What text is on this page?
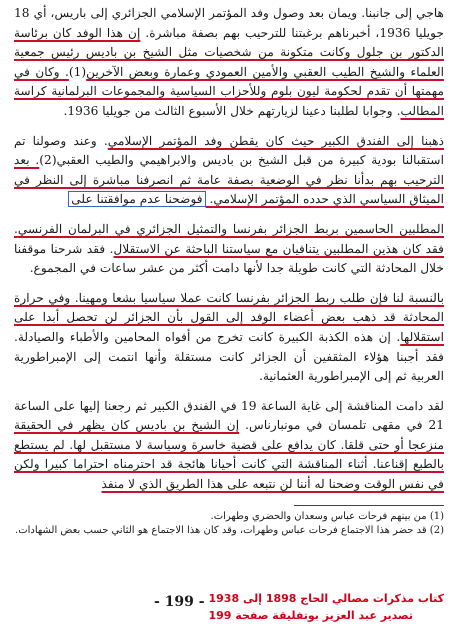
هاجي إلى جانبنا. ويمان بعد وصول وفد المؤتمر الإسلامي الجزائري إلى باريس، أي 18 جويليا 1936، أخبرناهم برغبتنا للترحيب بهم بصفة مباشرة. إن هذا الوفد كان برئاسة الدكتور بن جلول وكانت متكونة من شخصيات مثل الشيخ بن باديس رئيس جمعية العلماء والشيخ الطيب العقبي والأمين العمودي وعمارة وبعض الآخرين(1). وكان في مهمتها أن تقدم لحكومة ليون بلوم وللأحزاب السياسية والمجموعات البرلمانية كراسة المطالب. وجوابا لطلبنا دعينا لزيارتهم خلال الأسبوع الثالث من جويليا 1936.

ذهبنا إلى الفندق الكبير حيث كان يقطن وفد المؤتمر الإسلامي. وعند وصولنا تم استقبالنا بودية كبيرة من قبل الشيخ بن باديس والابراهيمي والطيب العقبي(2). بعد الترحيب بهم بدأنا نظر في الوضعية بصفة عامة ثم انصرفنا مباشرة إلى النظر في الميثاق السياسي الذي حدده المؤتمر الإسلامي. فوضحنا عدم موافقتنا على

المطلبين الحاسمين بربط الجزائر بفرنسا والتمثيل الجزائري في البرلمان الفرنسي. فقد كان هذين المطلبين يتنافيان مع سياستنا الباحثة عن الاستقلال. فقد شرحنا موقفنا خلال المحادثة التي كانت طويلة جدا لأنها دامت أكثر من عشر ساعات في المجموع.

بالنسبة لنا فإن طلب ربط الجزائر بفرنسا كانت عملا سياسيا بشعا ومهينا. وفي حرارة المحادثة قد ذهب بعض أعضاء الوفد إلى القول بأن الجزائر لن تحصل أبدا على استقلالها. إن هذه الكذبة الكبيرة كانت تخرج من أفواه المحامين والأطباء والصيادلة. فقد أجبنا هؤلاء المثقفين أن الجزائر كانت مستقلة وأنها انتمت إلى الإمبراطورية العربية ثم إلى الإمبراطورية العثمانية.

لقد دامت المناقشة إلى غاية الساعة 19 في الفندق الكبير ثم رجعنا إليها على الساعة 21 في مقهى تلمسان في مونبارناس. إن الشيخ بن باديس كان يظهر في الحقيقة منزعجا أو حتى قلقا. كان يدافع على قضية خاسرة وسياسة لا مستقبل لها. لم يستطع بالطبع إقناعنا. أثناء المناقشة التي كانت أحيانا هائجة قد احترمناه احتراما كبيرا ولكن في نفس الوقت وضحنا له أننا لن نتبعه على هذا الطريق الذي لا منفذ

(1) من بينهم فرحات عباس وسعدان والحضري وطهرات.

(2) قد حضر هذا الاجتماع فرحات عباس وطهرات، وقد كان هذا الاجتماع هو الثاني حسب بعض الشهادات.

- 199 - كتاب مذكرات مصالي الحاج 1898 إلى 1938
تصدير عبد العزيز بوتفليقة صفحة 199
